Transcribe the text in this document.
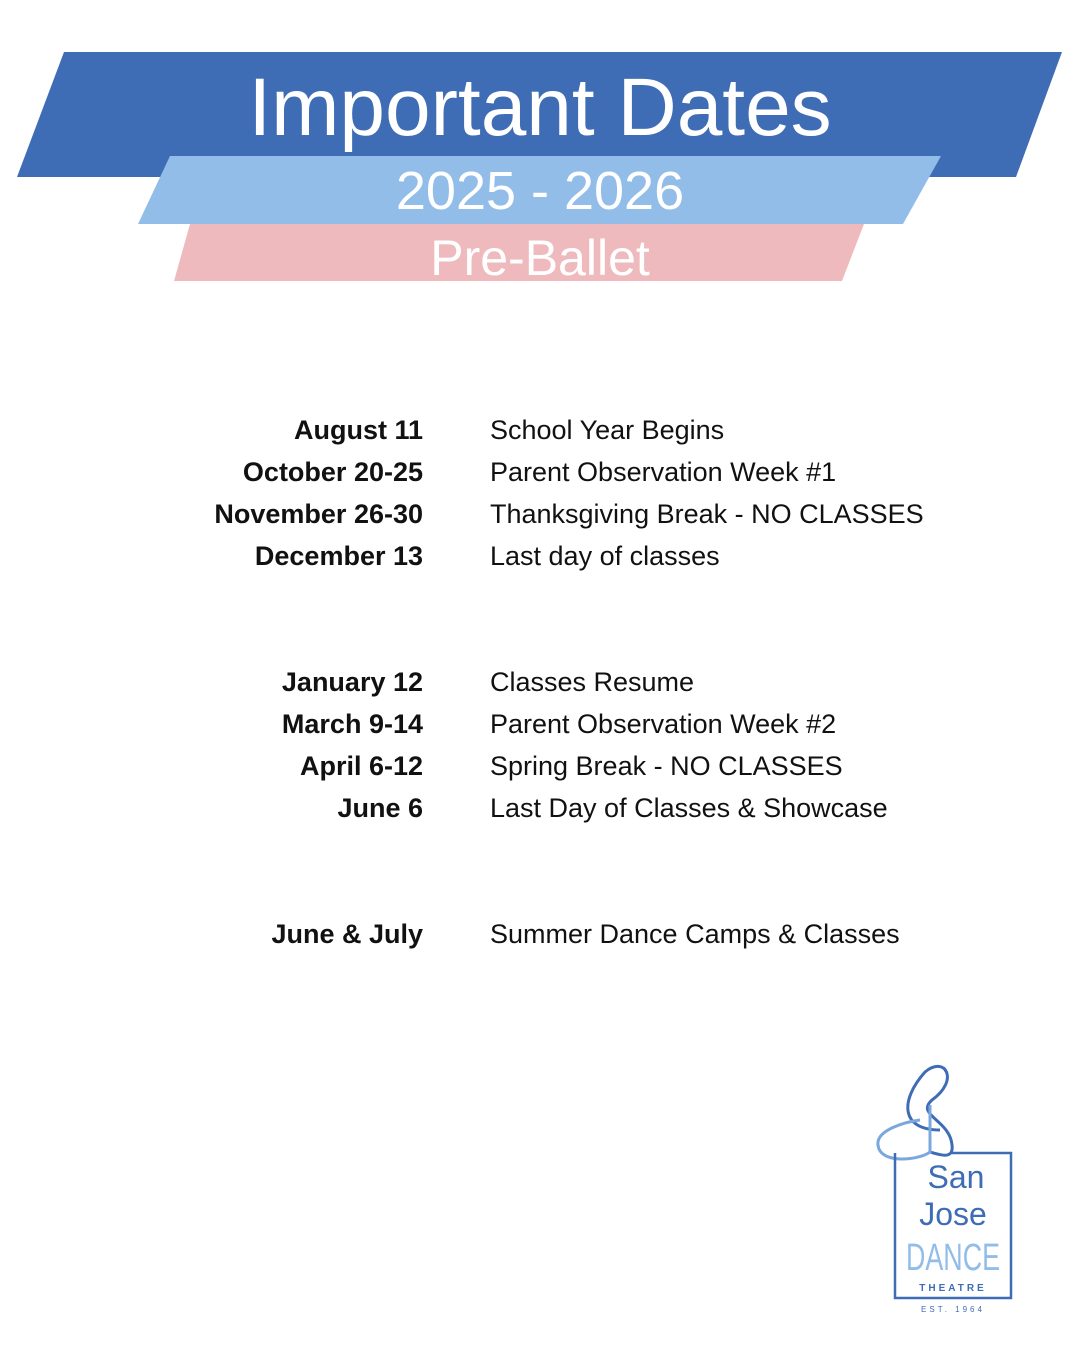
Important Dates
2025 - 2026
Pre-Ballet
August 11 School Year Begins
October 20-25 Parent Observation Week #1
November 26-30 Thanksgiving Break - NO CLASSES
December 13 Last day of classes
January 12 Classes Resume
March 9-14 Parent Observation Week #2
April 6-12 Spring Break - NO CLASSES
June 6 Last Day of Classes & Showcase
June & July Summer Dance Camps & Classes
San
Jose
DANCE
THEATRE
EST. 1964
